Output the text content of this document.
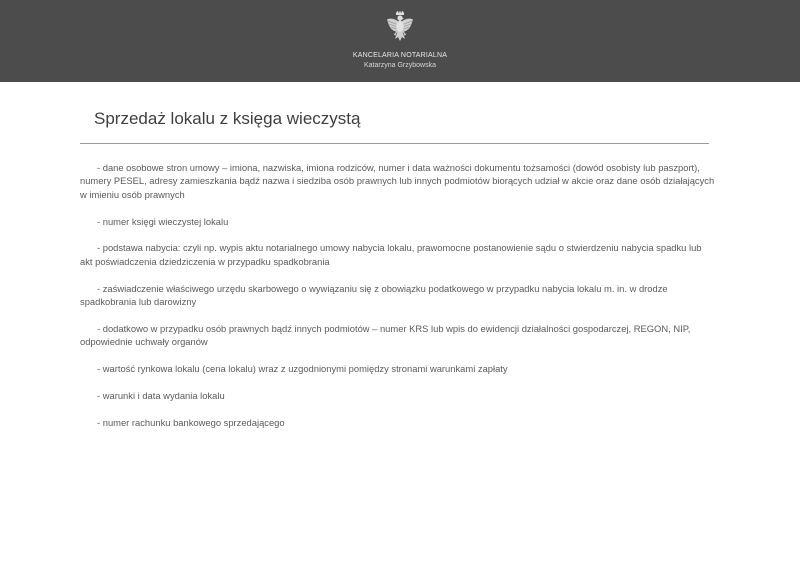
KANCELARIA NOTARIALNA
Katarzyna Grzybowska
Sprzedaż lokalu z księga wieczystą

- dane osobowe stron umowy – imiona, nazwiska, imiona rodziców, numer i data ważności dokumentu tożsamości (dowód osobisty lub paszport), numery PESEL, adresy zamieszkania bądź nazwa i siedziba osób prawnych lub innych podmiotów biorących udział w akcie oraz dane osób działających w imieniu osób prawnych

- numer księgi wieczystej lokalu

- podstawa nabycia: czyli np. wypis aktu notarialnego umowy nabycia lokalu, prawomocne postanowienie sądu o stwierdzeniu nabycia spadku lub akt poświadczenia dziedziczenia w przypadku spadkobrania

- zaświadczenie właściwego urzędu skarbowego o wywiązaniu się z obowiązku podatkowego w przypadku nabycia lokalu m. in. w drodze spadkobrania lub darowizny

- dodatkowo w przypadku osób prawnych bądź innych podmiotów – numer KRS lub wpis do ewidencji działalności gospodarczej, REGON, NIP, odpowiednie uchwały organów

- wartość rynkowa lokalu (cena lokalu) wraz z uzgodnionymi pomiędzy stronami warunkami zapłaty

- warunki i data wydania lokalu

- numer rachunku bankowego sprzedającego
